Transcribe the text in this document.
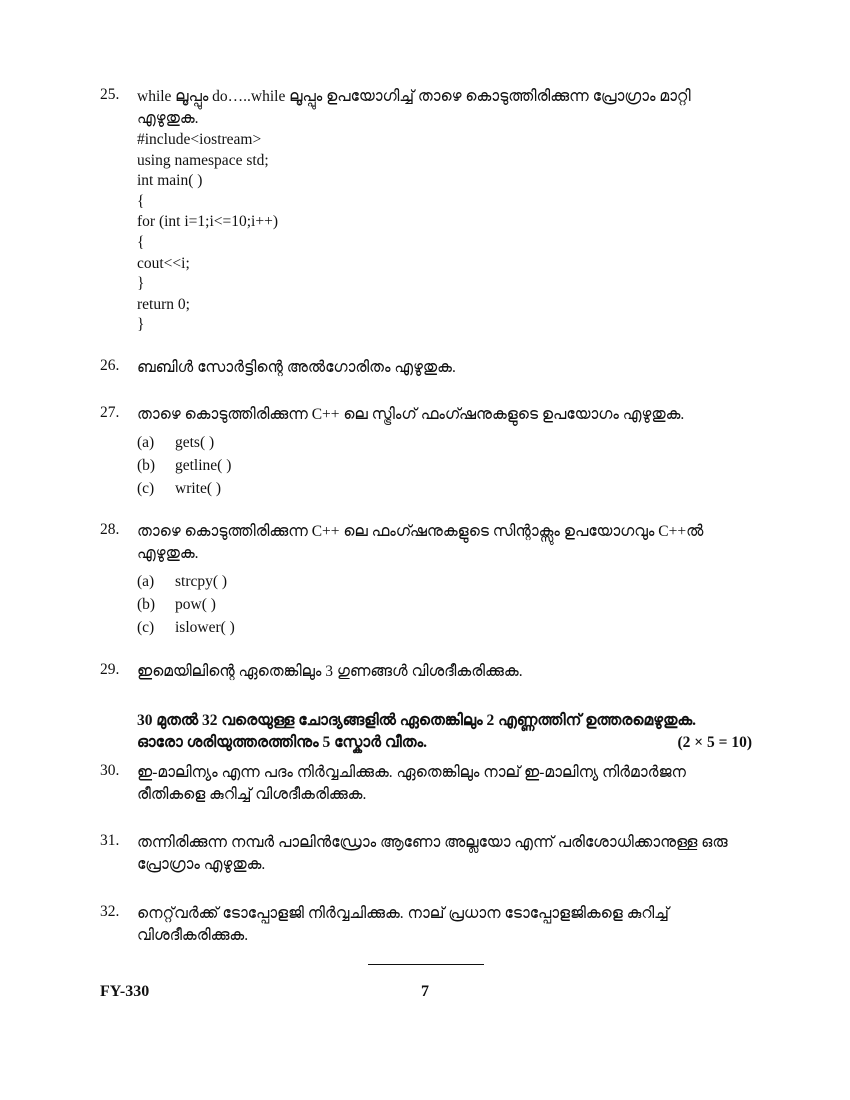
25.	while ലൂപ്പും do…..while ലൂപ്പും ഉപയോഗിച്ച് താഴെ കൊടുത്തിരിക്കുന്ന പ്രോഗ്രാം മാറ്റി എഴുതുക.
#include<iostream>
using namespace std;
int main( )
{
for (int i=1;i<=10;i++)
{
cout<<i;
}
return 0;
}
26.	ബബിൾ സോർട്ടിന്റെ അൽഗോരിതം എഴുതുക.
27.	താഴെ കൊടുത്തിരിക്കുന്ന C++ ലെ സ്ട്രിംഗ് ഫംഗ്ഷനുകളുടെ ഉപയോഗം എഴുതുക.
(a)	gets( )
(b)	getline( )
(c)	write( )
28.	താഴെ കൊടുത്തിരിക്കുന്ന C++ ലെ ഫംഗ്ഷനുകളുടെ സിന്റാക്സും ഉപയോഗവും C++ൽ എഴുതുക.
(a)	strcpy( )
(b)	pow( )
(c)	islower( )
29.	ഇമെയിലിന്റെ ഏതെങ്കിലും 3 ഗുണങ്ങൾ വിശദീകരിക്കുക.
30 മുതൽ 32 വരെയുള്ള ചോദ്യങ്ങളിൽ ഏതെങ്കിലും 2 എണ്ണത്തിന് ഉത്തരമെഴുതുക.
ഓരോ ശരിയുത്തരത്തിനും 5 സ്കോർ വീതം.	(2 × 5 = 10)
30.	ഇ-മാലിന്യം എന്ന പദം നിർവ്വചിക്കുക. ഏതെങ്കിലും നാല് ഇ-മാലിന്യ നിർമാർജന രീതികളെ കുറിച്ച് വിശദീകരിക്കുക.
31.	തന്നിരിക്കുന്ന നമ്പർ പാലിൻഡ്രോം ആണോ അല്ലയോ എന്ന് പരിശോധിക്കാനുള്ള ഒരു പ്രോഗ്രാം എഴുതുക.
32.	നെറ്റ്‌വർക്ക് ടോപ്പോളജി നിർവ്വചിക്കുക. നാല് പ്രധാന ടോപ്പോളജികളെ കുറിച്ച് വിശദീകരിക്കുക.
FY-330	7
